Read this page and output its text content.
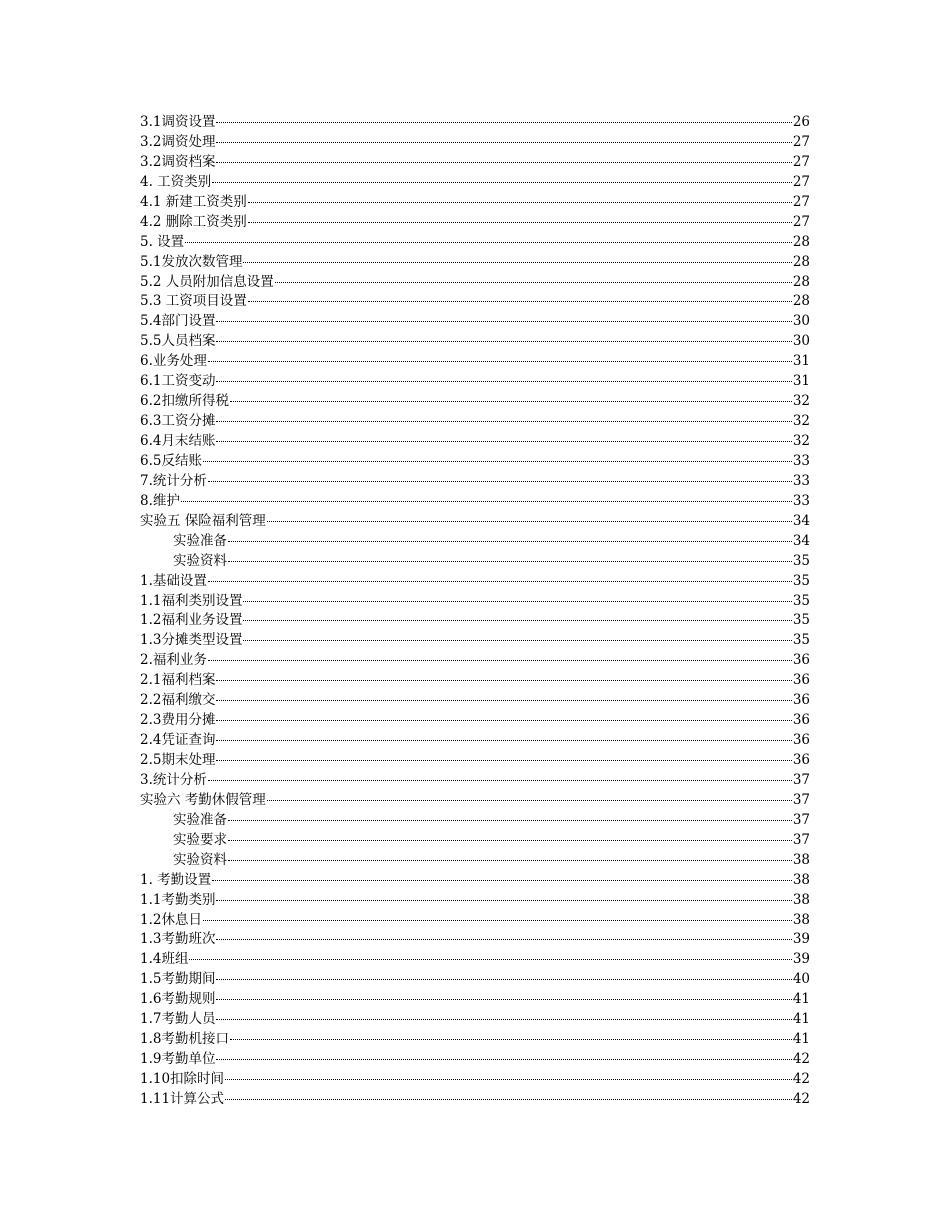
3.1调资设置	26
3.2调资处理	27
3.2调资档案	27
4. 工资类别	27
4.1 新建工资类别	27
4.2 删除工资类别	27
5. 设置	28
5.1发放次数管理	28
5.2 人员附加信息设置	28
5.3 工资项目设置	28
5.4部门设置	30
5.5人员档案	30
6.业务处理	31
6.1工资变动	31
6.2扣缴所得税	32
6.3工资分摊	32
6.4月末结账	32
6.5反结账	33
7.统计分析	33
8.维护	33
实验五 保险福利管理	34
实验准备	34
实验资料	35
1.基础设置	35
1.1福利类别设置	35
1.2福利业务设置	35
1.3分摊类型设置	35
2.福利业务	36
2.1福利档案	36
2.2福利缴交	36
2.3费用分摊	36
2.4凭证查询	36
2.5期末处理	36
3.统计分析	37
实验六 考勤休假管理	37
实验准备	37
实验要求	37
实验资料	38
1. 考勤设置	38
1.1考勤类别	38
1.2休息日	38
1.3考勤班次	39
1.4班组	39
1.5考勤期间	40
1.6考勤规则	41
1.7考勤人员	41
1.8考勤机接口	41
1.9考勤单位	42
1.10扣除时间	42
1.11计算公式	42
